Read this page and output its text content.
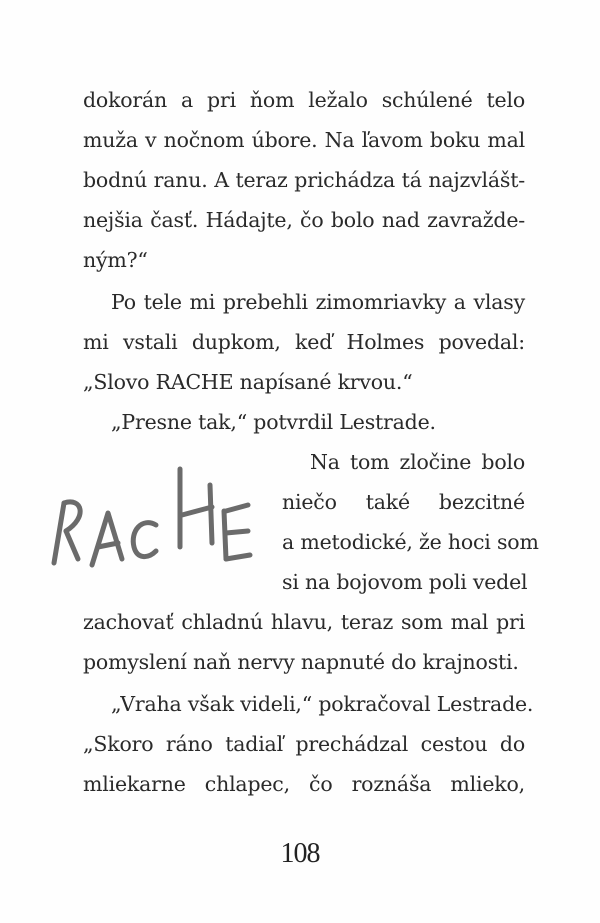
dokorán a pri ňom ležalo schúlené telo
muža v nočnom úbore. Na ľavom boku mal
bodnú ranu. A teraz prichádza tá najzvlášt-
nejšia časť. Hádajte, čo bolo nad zavražde-
ným?“
Po tele mi prebehli zimomriavky a vlasy
mi vstali dupkom, keď Holmes povedal:
„Slovo RACHE napísané krvou.“
„Presne tak,“ potvrdil Lestrade.
Na tom zločine bolo
niečo také bezcitné
a metodické, že hoci som
si na bojovom poli vedel
zachovať chladnú hlavu, teraz som mal pri
pomyslení naň nervy napnuté do krajnosti.
„Vraha však videli,“ pokračoval Lestrade.
„Skoro ráno tadiaľ prechádzal cestou do
mliekarne chlapec, čo roznáša mlieko,
108
